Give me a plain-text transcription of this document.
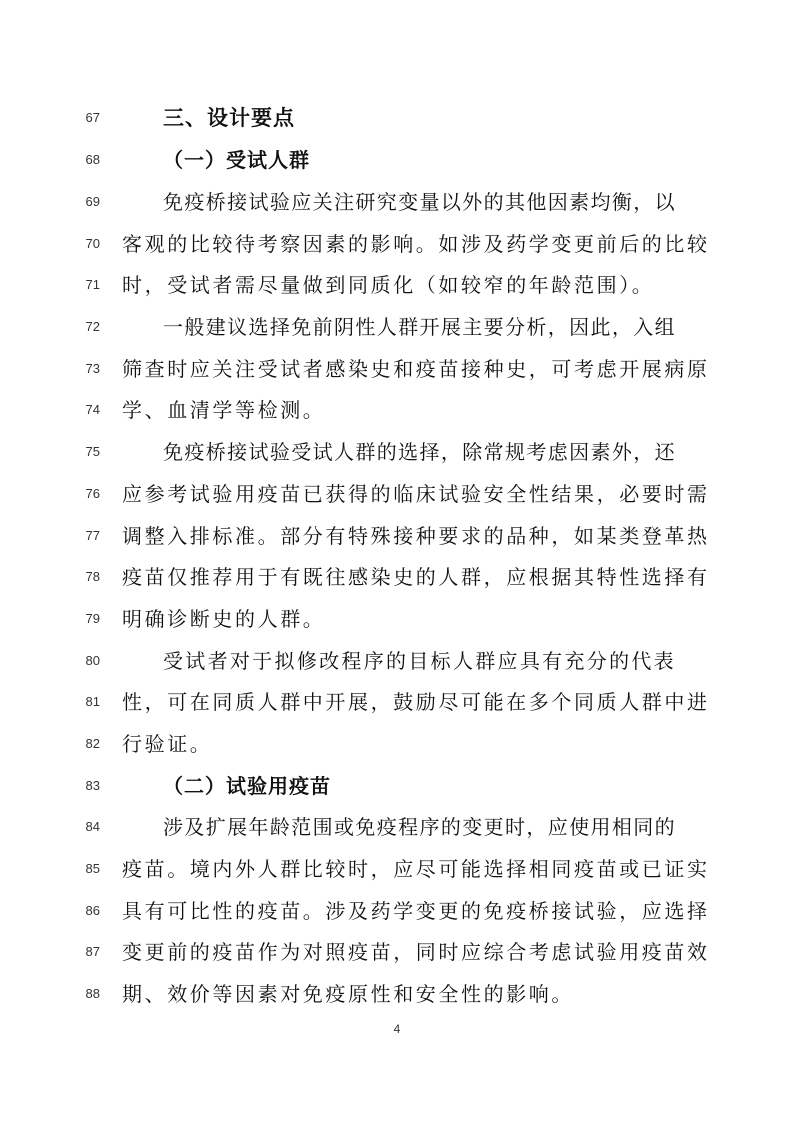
67	三、设计要点
68	（一）受试人群
69	免疫桥接试验应关注研究变量以外的其他因素均衡，以
70 客观的比较待考察因素的影响。如涉及药学变更前后的比较
71 时，受试者需尽量做到同质化（如较窄的年龄范围）。
72	一般建议选择免前阴性人群开展主要分析，因此，入组
73 筛查时应关注受试者感染史和疫苗接种史，可考虑开展病原
74 学、血清学等检测。
75	免疫桥接试验受试人群的选择，除常规考虑因素外，还
76 应参考试验用疫苗已获得的临床试验安全性结果，必要时需
77 调整入排标准。部分有特殊接种要求的品种，如某类登革热
78 疫苗仅推荐用于有既往感染史的人群，应根据其特性选择有
79 明确诊断史的人群。
80	受试者对于拟修改程序的目标人群应具有充分的代表
81 性，可在同质人群中开展，鼓励尽可能在多个同质人群中进
82 行验证。
83	（二）试验用疫苗
84	涉及扩展年龄范围或免疫程序的变更时，应使用相同的
85 疫苗。境内外人群比较时，应尽可能选择相同疫苗或已证实
86 具有可比性的疫苗。涉及药学变更的免疫桥接试验，应选择
87 变更前的疫苗作为对照疫苗，同时应综合考虑试验用疫苗效
88 期、效价等因素对免疫原性和安全性的影响。
4
